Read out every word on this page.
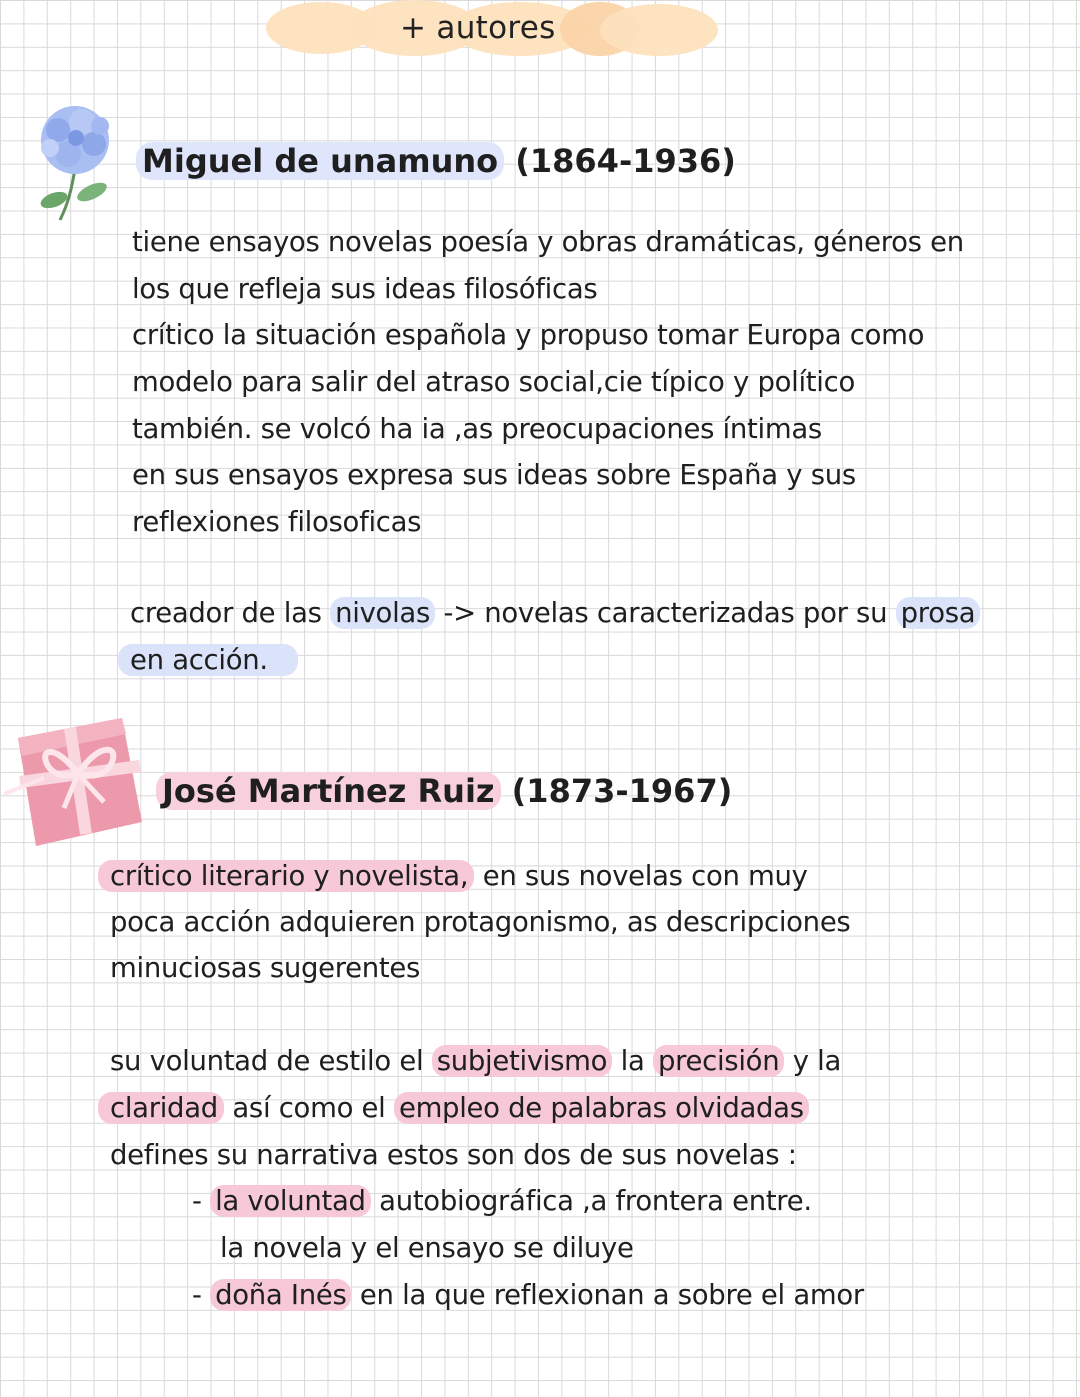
+ autores
Miguel de unamuno (1864-1936)
tiene ensayos novelas poesía y obras dramáticas, géneros en
los que refleja sus ideas filosóficas
crítico la situación española y propuso tomar Europa como
modelo para salir del atraso social,cie típico y político
también. se volcó ha ia ,as preocupaciones íntimas
en sus ensayos expresa sus ideas sobre España y sus
reflexiones filosoficas
creador de las nivolas -> novelas caracterizadas por su prosa
en acción.
José Martínez Ruiz (1873-1967)
crítico literario y novelista, en sus novelas con muy
poca acción adquieren protagonismo, as descripciones
minuciosas sugerentes
su voluntad de estilo el subjetivismo la precisión y la
claridad así como el empleo de palabras olvidadas
defines su narrativa estos son dos de sus novelas :
- la voluntad autobiográfica ,a frontera entre.
la novela y el ensayo se diluye
- doña Inés en la que reflexionan a sobre el amor
